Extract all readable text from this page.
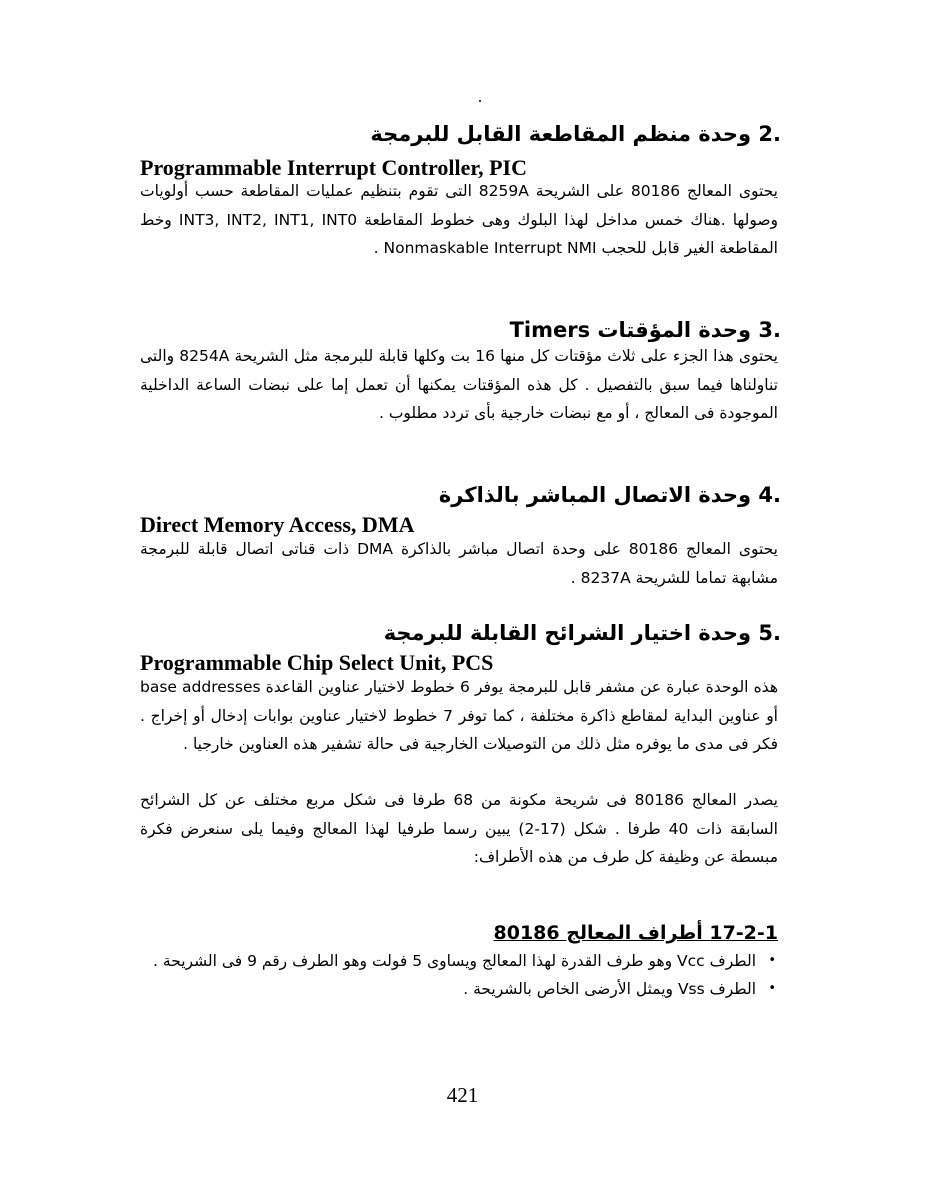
.2 وحدة منظم المقاطعة القابل للبرمجة
Programmable Interrupt Controller, PIC
يحتوى المعالج 80186 على الشريحة 8259A التى تقوم بتنظيم عمليات المقاطعة حسب أولويات وصولها .هناك خمس مداخل لهذا البلوك وهى خطوط المقاطعة INT3, INT2, INT1, INT0 وخط المقاطعة الغير قابل للحجب Nonmaskable Interrupt NMI .
.3 وحدة المؤقتات Timers
يحتوى هذا الجزء على ثلاث مؤقتات كل منها 16 بت وكلها قابلة للبرمجة مثل الشريحة 8254A والتى تناولناها فيما سبق بالتفصيل . كل هذه المؤقتات يمكنها أن تعمل إما على نبضات الساعة الداخلية الموجودة فى المعالج ، أو مع نبضات خارجية بأى تردد مطلوب .
.4 وحدة الاتصال المباشر بالذاكرة
Direct Memory Access, DMA
يحتوى المعالج 80186 على وحدة اتصال مباشر بالذاكرة DMA ذات قناتى اتصال قابلة للبرمجة مشابهة تماما للشريحة 8237A .
.5 وحدة اختيار الشرائح القابلة للبرمجة
Programmable Chip Select Unit, PCS
هذه الوحدة عبارة عن مشفر قابل للبرمجة يوفر 6 خطوط لاختيار عناوين القاعدة base addresses أو عناوين البداية لمقاطع ذاكرة مختلفة ، كما توفر 7 خطوط لاختيار عناوين بوابات إدخال أو إخراج . فكر فى مدى ما يوفره مثل ذلك من التوصيلات الخارجية فى حالة تشفير هذه العناوين خارجيا .
يصدر المعالج 80186 فى شريحة مكونة من 68 طرفا فى شكل مربع مختلف عن كل الشرائح السابقة ذات 40 طرفا . شكل (17-2) يبين رسما طرفيا لهذا المعالج وفيما يلى سنعرض فكرة مبسطة عن وظيفة كل طرف من هذه الأطراف:
17-2-1 أطراف المعالج 80186
•
الطرف Vcc وهو طرف القدرة لهذا المعالج ويساوى 5 فولت وهو الطرف رقم 9 فى الشريحة .
•
الطرف Vss ويمثل الأرضى الخاص بالشريحة .
421
